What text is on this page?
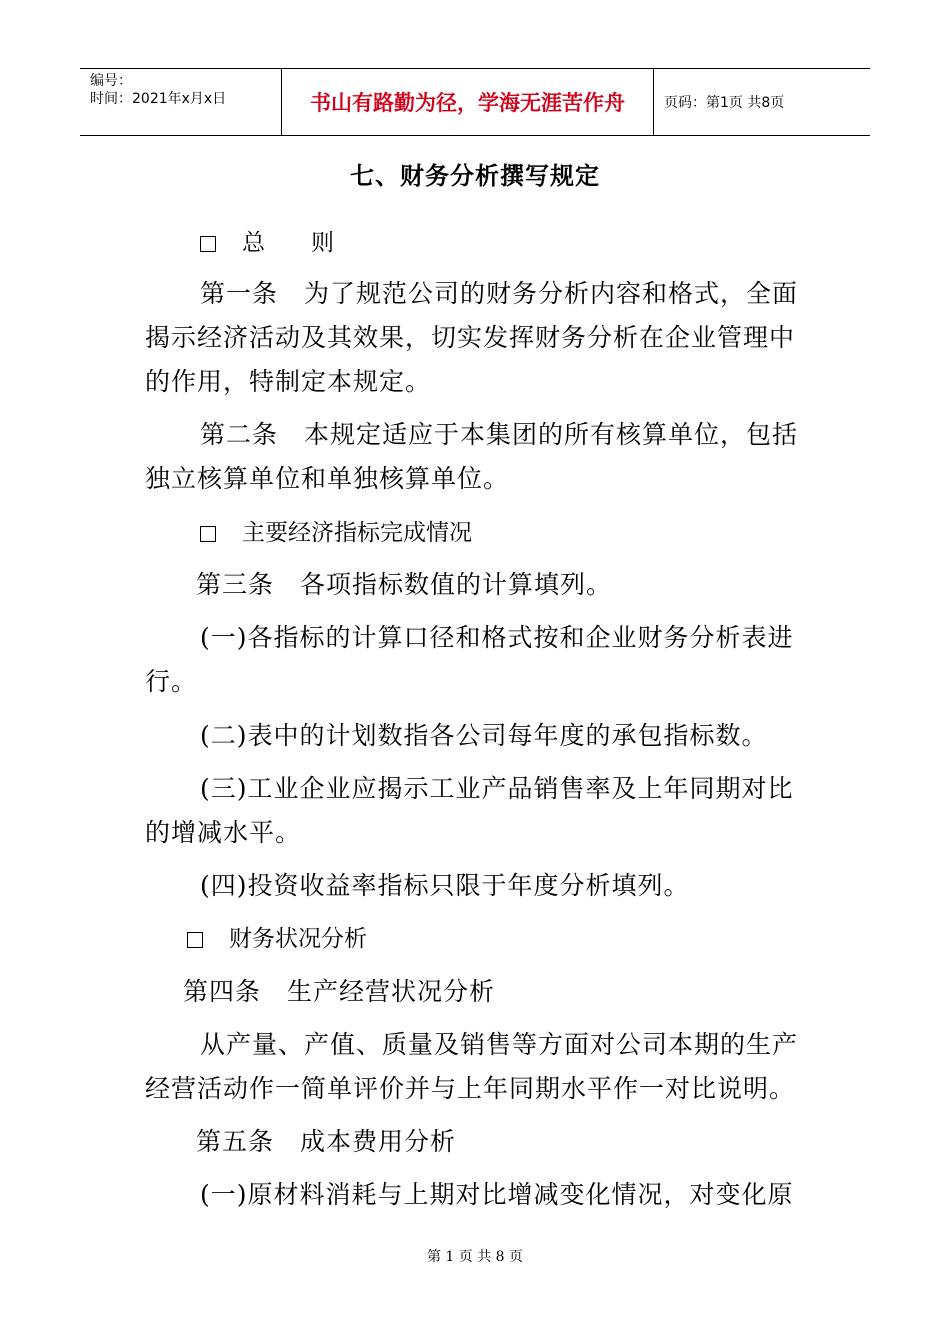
编号：
时间：2021年x月x日	书山有路勤为径，学海无涯苦作舟	页码：第1页 共8页
七、财务分析撰写规定
总　　则
第一条　为了规范公司的财务分析内容和格式，全面
揭示经济活动及其效果，切实发挥财务分析在企业管理中
的作用，特制定本规定。
第二条　本规定适应于本集团的所有核算单位，包括
独立核算单位和单独核算单位。
主要经济指标完成情况
第三条　各项指标数值的计算填列。
(一)各指标的计算口径和格式按和企业财务分析表进
行。
(二)表中的计划数指各公司每年度的承包指标数。
(三)工业企业应揭示工业产品销售率及上年同期对比
的增减水平。
(四)投资收益率指标只限于年度分析填列。
财务状况分析
第四条　生产经营状况分析
从产量、产值、质量及销售等方面对公司本期的生产
经营活动作一简单评价并与上年同期水平作一对比说明。
第五条　成本费用分析
(一)原材料消耗与上期对比增减变化情况，对变化原
第 1 页 共 8 页
